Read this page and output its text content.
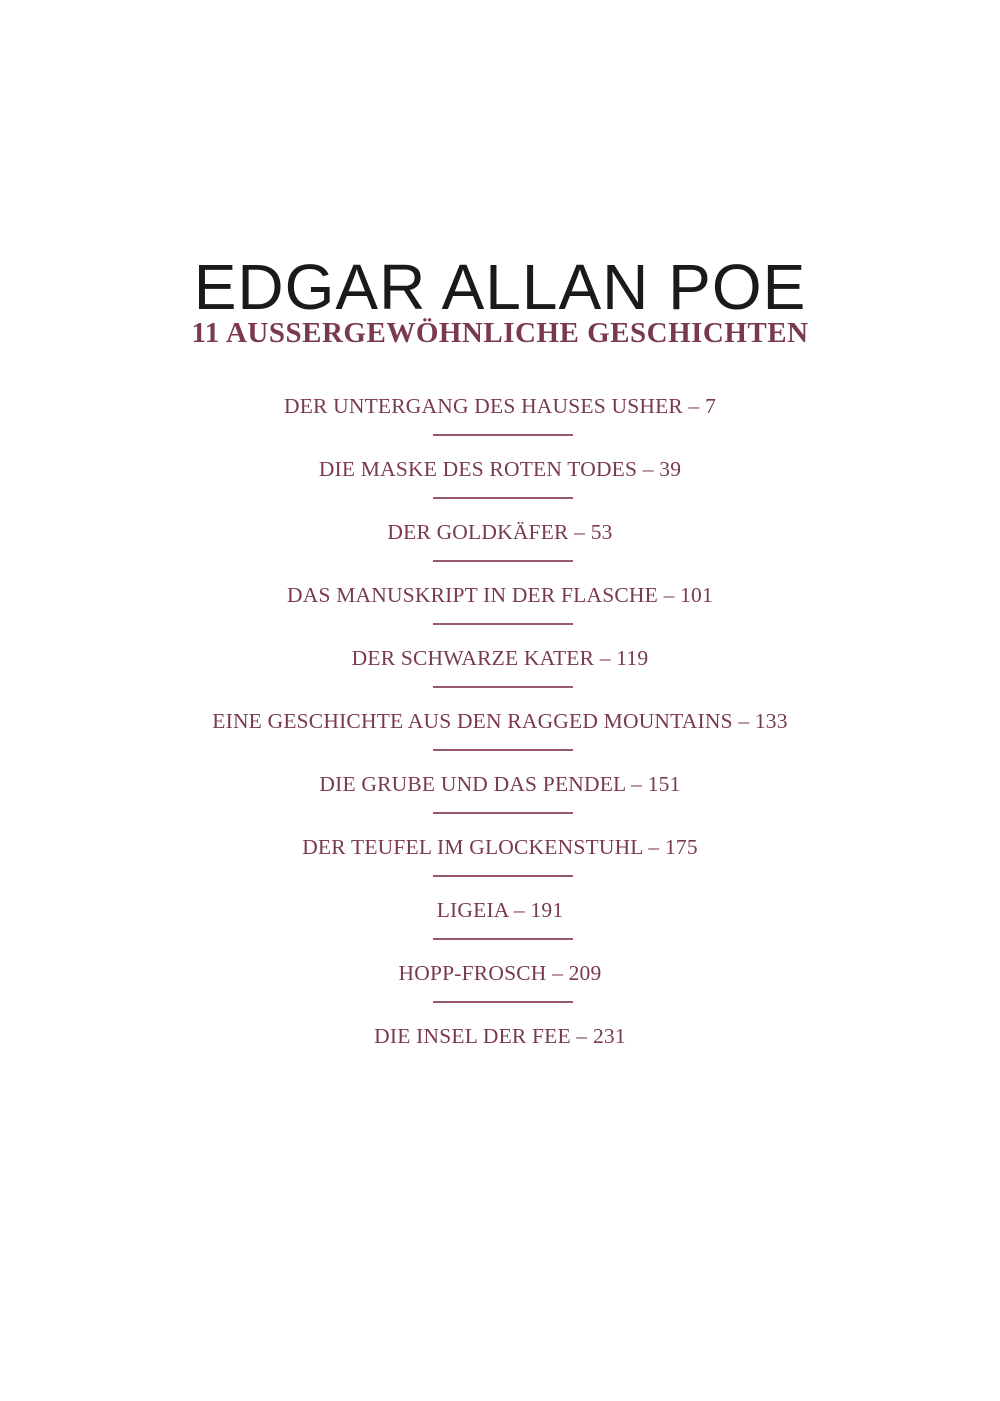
EDGAR ALLAN POE
11 AUSSERGEWÖHNLICHE GESCHICHTEN
DER UNTERGANG DES HAUSES USHER – 7
DIE MASKE DES ROTEN TODES – 39
DER GOLDKÄFER – 53
DAS MANUSKRIPT IN DER FLASCHE – 101
DER SCHWARZE KATER – 119
EINE GESCHICHTE AUS DEN RAGGED MOUNTAINS – 133
DIE GRUBE UND DAS PENDEL – 151
DER TEUFEL IM GLOCKENSTUHL – 175
LIGEIA – 191
HOPP-FROSCH – 209
DIE INSEL DER FEE – 231
